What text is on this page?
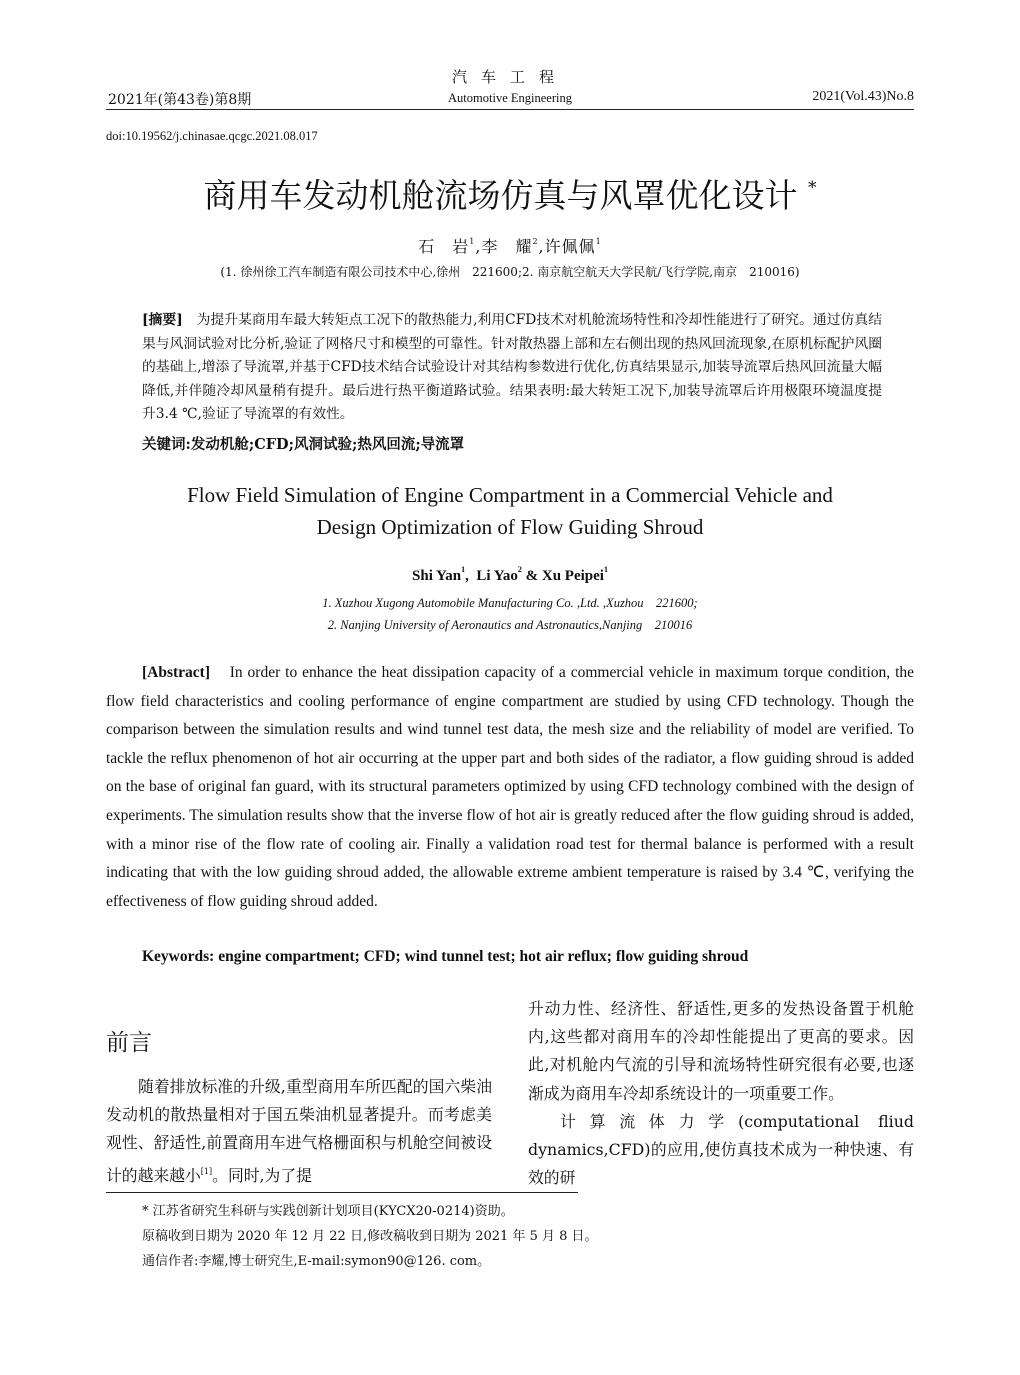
汽车工程
2021年(第43卷)第8期	Automotive Engineering	2021(Vol.43)No.8
doi:10.19562/j.chinasae.qcgc.2021.08.017
商用车发动机舱流场仿真与风罩优化设计 *
石　岩$^1$,李　耀$^2$,许佩佩$^1$
(1. 徐州徐工汽车制造有限公司技术中心,徐州　221600;2. 南京航空航天大学民航/飞行学院,南京　210016)
[摘要]　 为提升某商用车最大转矩点工况下的散热能力,利用CFD技术对机舱流场特性和冷却性能进行了研究。通过仿真结果与风洞试验对比分析,验证了网格尺寸和模型的可靠性。针对散热器上部和左右侧出现的热风回流现象,在原机标配护风圈的基础上,增添了导流罩,并基于CFD技术结合试验设计对其结构参数进行优化,仿真结果显示,加装导流罩后热风回流量大幅降低,并伴随冷却风量稍有提升。最后进行热平衡道路试验。结果表明:最大转矩工况下,加装导流罩后许用极限环境温度提升3.4 ℃,验证了导流罩的有效性。
关键词:发动机舱;CFD;风洞试验;热风回流;导流罩
Flow Field Simulation of Engine Compartment in a Commercial Vehicle and
Design Optimization of Flow Guiding Shroud
Shi Yan$^1$,  Li Yao$^2$ & Xu Peipei$^1$
1. Xuzhou Xugong Automobile Manufacturing Co. ,Ltd. ,Xuzhou　221600;
2. Nanjing University of Aeronautics and Astronautics,Nanjing　210016
[Abstract] In order to enhance the heat dissipation capacity of a commercial vehicle in maximum torque condition, the flow field characteristics and cooling performance of engine compartment are studied by using CFD technology. Though the comparison between the simulation results and wind tunnel test data, the mesh size and the reliability of model are verified. To tackle the reflux phenomenon of hot air occurring at the upper part and both sides of the radiator, a flow guiding shroud is added on the base of original fan guard, with its structural parameters optimized by using CFD technology combined with the design of experiments. The simulation results show that the inverse flow of hot air is greatly reduced after the flow guiding shroud is added, with a minor rise of the flow rate of cooling air. Finally a validation road test for thermal balance is performed with a result indicating that with the low guiding shroud added, the allowable extreme ambient temperature is raised by 3.4 ℃, verifying the effectiveness of flow guiding shroud added.
Keywords: engine compartment; CFD; wind tunnel test; hot air reflux; flow guiding shroud
前言

随着排放标准的升级,重型商用车所匹配的国六柴油发动机的散热量相对于国五柴油机显著提升。而考虑美观性、舒适性,前置商用车进气格栅面积与机舱空间被设计的越来越小[1]。同时,为了提

升动力性、经济性、舒适性,更多的发热设备置于机舱内,这些都对商用车的冷却性能提出了更高的要求。因此,对机舱内气流的引导和流场特性研究很有必要,也逐渐成为商用车冷却系统设计的一项重要工作。

计算流体力学(computational fliud dynamics,CFD)的应用,使仿真技术成为一种快速、有效的研

* 江苏省研究生科研与实践创新计划项目(KYCX20-0214)资助。
原稿收到日期为 2020 年 12 月 22 日,修改稿收到日期为 2021 年 5 月 8 日。
通信作者:李耀,博士研究生,E-mail:symon90@126. com。
